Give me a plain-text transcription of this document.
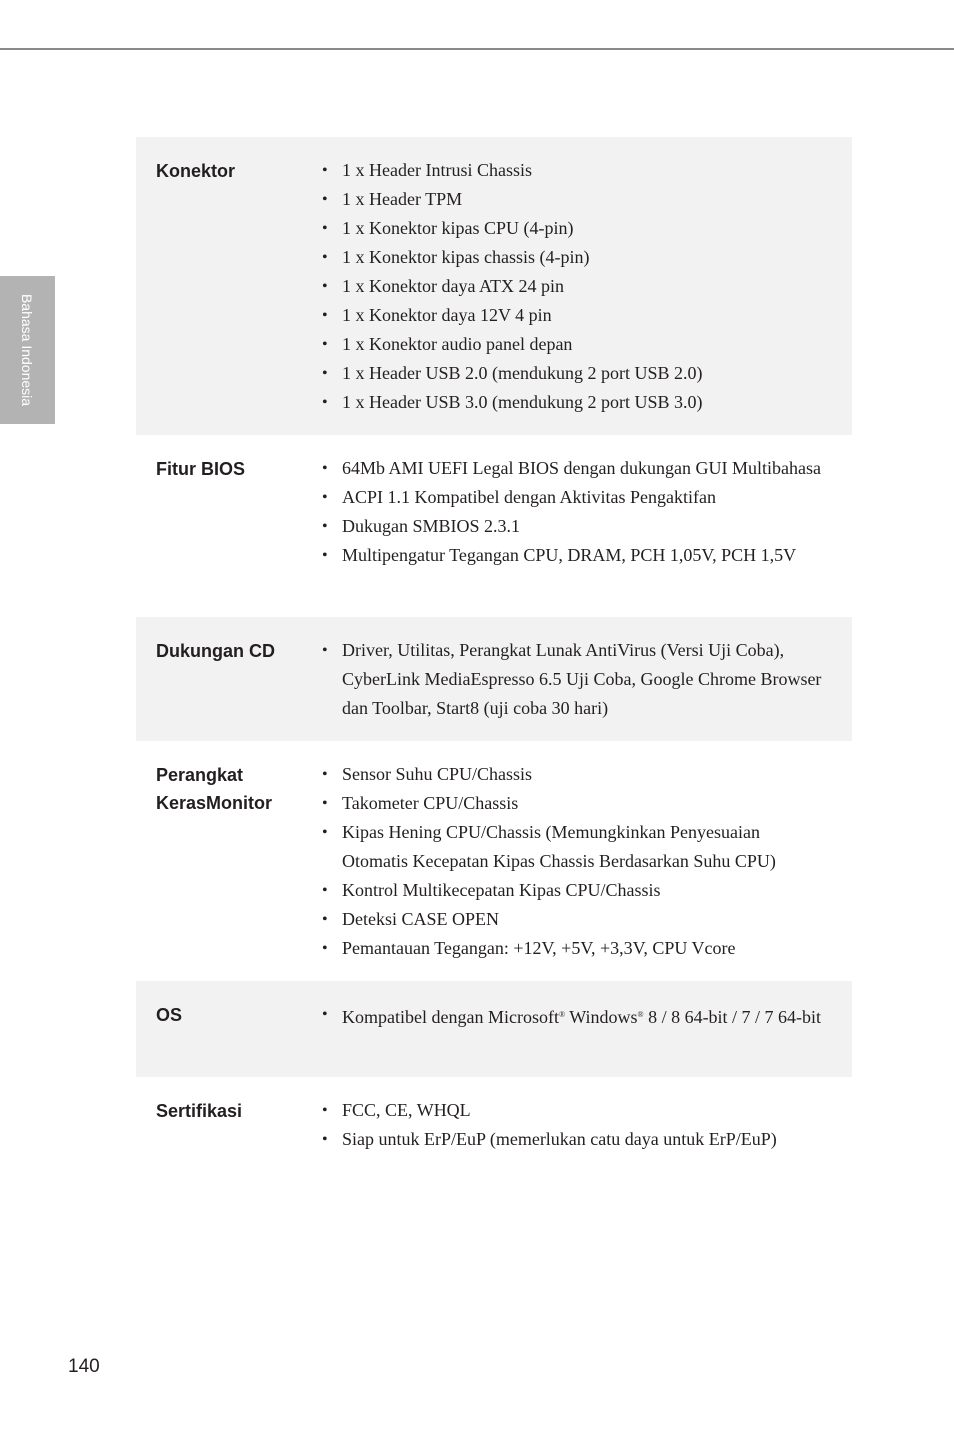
Bahasa Indonesia
Konektor	• 1 x Header Intrusi Chassis
• 1 x Header TPM
• 1 x Konektor kipas CPU (4-pin)
• 1 x Konektor kipas chassis (4-pin)
• 1 x Konektor daya ATX 24 pin
• 1 x Konektor daya 12V 4 pin
• 1 x Konektor audio panel depan
• 1 x Header USB 2.0 (mendukung 2 port USB 2.0)
• 1 x Header USB 3.0 (mendukung 2 port USB 3.0)
Fitur BIOS	• 64Mb AMI UEFI Legal BIOS dengan dukungan GUI Multibahasa
• ACPI 1.1 Kompatibel dengan Aktivitas Pengaktifan
• Dukugan SMBIOS 2.3.1
• Multipengatur Tegangan CPU, DRAM, PCH 1,05V, PCH 1,5V
Dukungan CD	• Driver, Utilitas, Perangkat Lunak AntiVirus (Versi Uji Coba), CyberLink MediaEspresso 6.5 Uji Coba, Google Chrome Browser dan Toolbar, Start8 (uji coba 30 hari)
Perangkat KerasMonitor
• Sensor Suhu CPU/Chassis
• Takometer CPU/Chassis
• Kipas Hening CPU/Chassis (Memungkinkan Penyesuaian Otomatis Kecepatan Kipas Chassis Berdasarkan Suhu CPU)
• Kontrol Multikecepatan Kipas CPU/Chassis
• Deteksi CASE OPEN
• Pemantauan Tegangan: +12V, +5V, +3,3V, CPU Vcore
OS	• Kompatibel dengan Microsoft® Windows® 8 / 8 64-bit / 7 / 7 64-bit
Sertifikasi	• FCC, CE, WHQL
• Siap untuk ErP/EuP (memerlukan catu daya untuk ErP/EuP)
140
